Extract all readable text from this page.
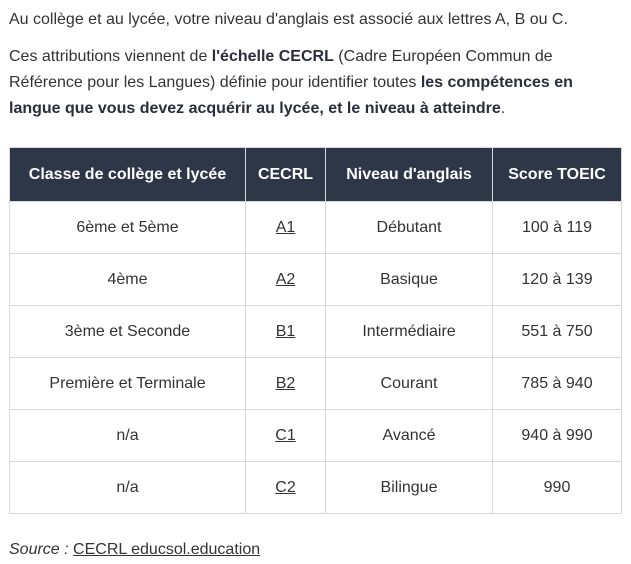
Au collège et au lycée, votre niveau d'anglais est associé aux lettres A, B ou C.

Ces attributions viennent de l'échelle CECRL (Cadre Européen Commun de Référence pour les Langues) définie pour identifier toutes les compétences en langue que vous devez acquérir au lycée, et le niveau à atteindre.

Classe de collège et lycée	CECRL	Niveau d'anglais	Score TOEIC
6ème et 5ème	A1	Débutant	100 à 119
4ème	A2	Basique	120 à 139
3ème et Seconde	B1	Intermédiaire	551 à 750
Première et Terminale	B2	Courant	785 à 940
n/a	C1	Avancé	940 à 990
n/a	C2	Bilingue	990

Source : CECRL educsol.education
